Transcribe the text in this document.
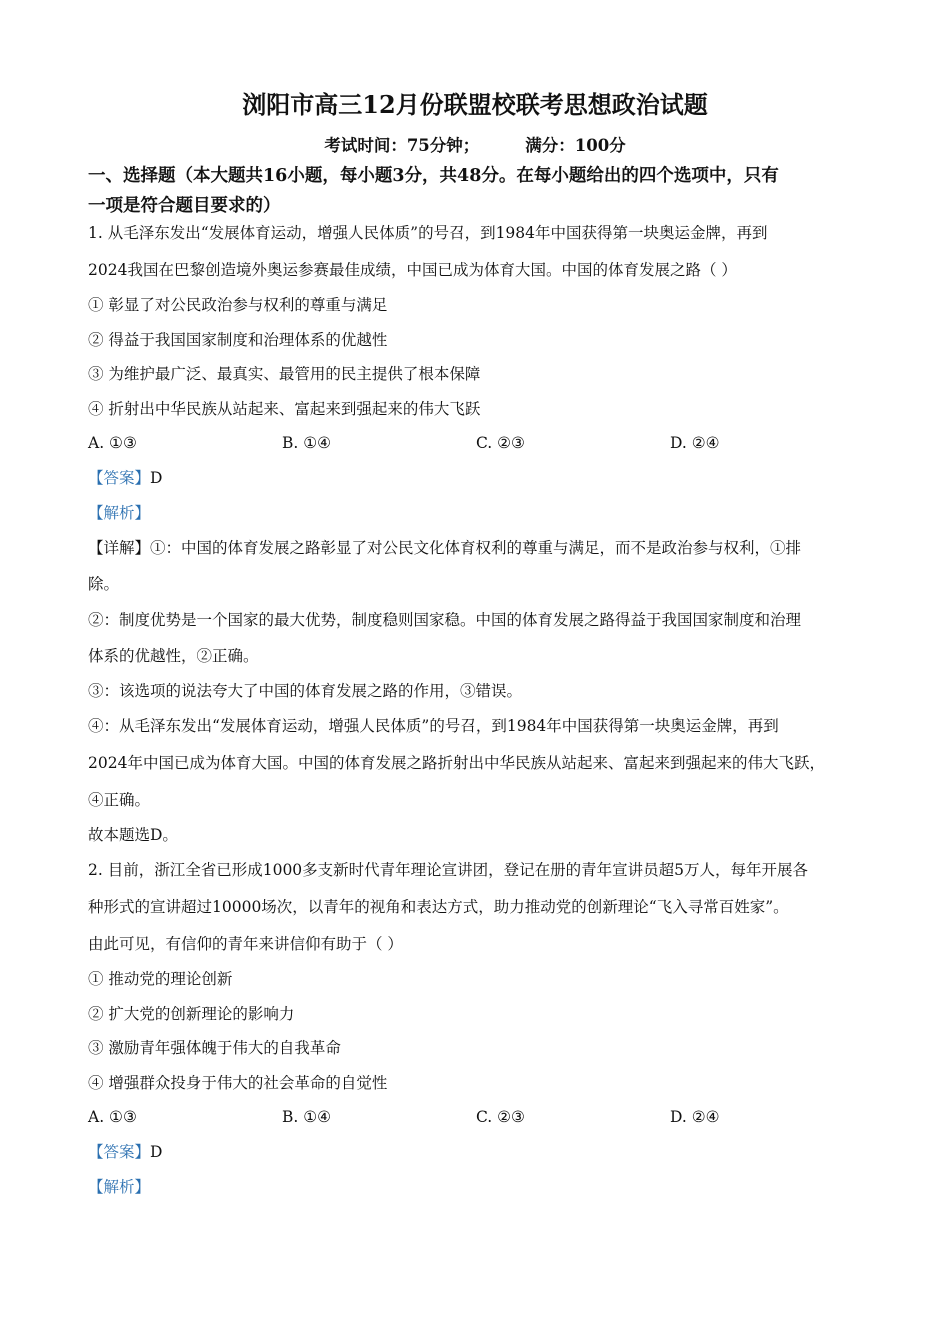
浏阳市高三12月份联盟校联考思想政治试题
考试时间：75分钟；        满分：100分
一、选择题（本大题共16小题，每小题3分，共48分。在每小题给出的四个选项中，只有
一项是符合题目要求的）
1. 从毛泽东发出“发展体育运动，增强人民体质”的号召，到1984年中国获得第一块奥运金牌，再到
2024我国在巴黎创造境外奥运参赛最佳成绩，中国已成为体育大国。中国的体育发展之路（ ）
① 彰显了对公民政治参与权利的尊重与满足
② 得益于我国国家制度和治理体系的优越性
③ 为维护最广泛、最真实、最管用的民主提供了根本保障
④ 折射出中华民族从站起来、富起来到强起来的伟大飞跃
A. ①③	B. ①④	C. ②③	D. ②④
【答案】D
【解析】
【详解】①：中国的体育发展之路彰显了对公民文化体育权利的尊重与满足，而不是政治参与权利，①排
除。
②：制度优势是一个国家的最大优势，制度稳则国家稳。中国的体育发展之路得益于我国国家制度和治理
体系的优越性，②正确。
③：该选项的说法夸大了中国的体育发展之路的作用，③错误。
④：从毛泽东发出“发展体育运动，增强人民体质”的号召，到1984年中国获得第一块奥运金牌，再到
2024年中国已成为体育大国。中国的体育发展之路折射出中华民族从站起来、富起来到强起来的伟大飞跃，
④正确。
故本题选D。
2. 目前，浙江全省已形成1000多支新时代青年理论宣讲团，登记在册的青年宣讲员超5万人，每年开展各
种形式的宣讲超过10000场次，以青年的视角和表达方式，助力推动党的创新理论“飞入寻常百姓家”。
由此可见，有信仰的青年来讲信仰有助于（ ）
① 推动党的理论创新
② 扩大党的创新理论的影响力
③ 激励青年强体魄于伟大的自我革命
④ 增强群众投身于伟大的社会革命的自觉性
A. ①③	B. ①④	C. ②③	D. ②④
【答案】D
【解析】
